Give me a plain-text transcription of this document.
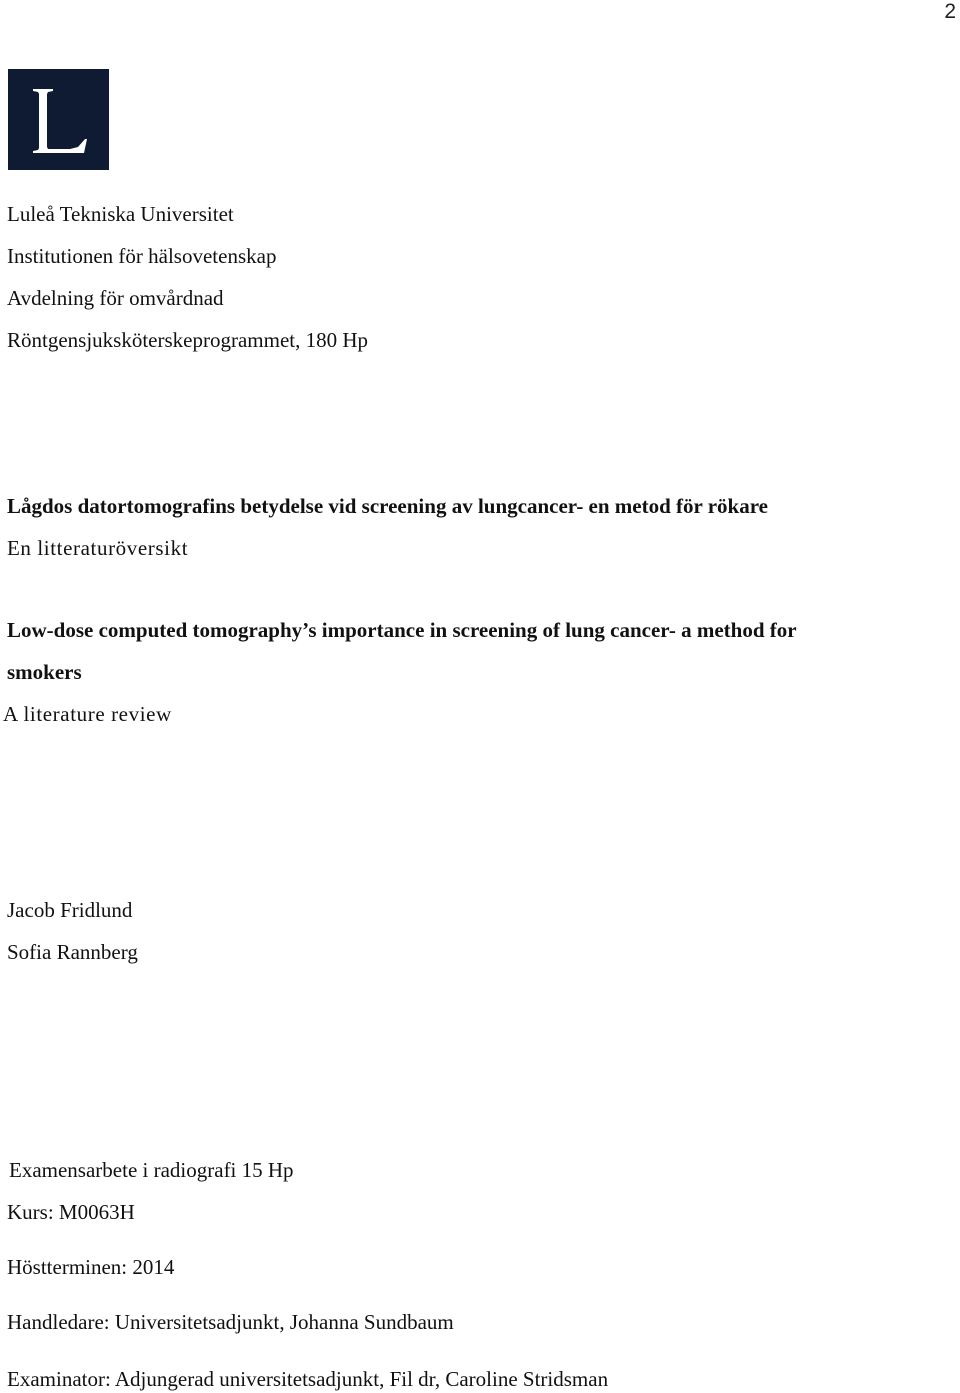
2
Luleå Tekniska Universitet
Institutionen för hälsovetenskap
Avdelning för omvårdnad
Röntgensjuksköterskeprogrammet, 180 Hp
Lågdos datortomografins betydelse vid screening av lungcancer- en metod för rökare
En litteraturöversikt
Low-dose computed tomography’s importance in screening of lung cancer- a method for
smokers
A literature review
Jacob Fridlund
Sofia Rannberg
Examensarbete i radiografi 15 Hp
Kurs: M0063H
Höstterminen: 2014
Handledare: Universitetsadjunkt, Johanna Sundbaum
Examinator: Adjungerad universitetsadjunkt, Fil dr, Caroline Stridsman
